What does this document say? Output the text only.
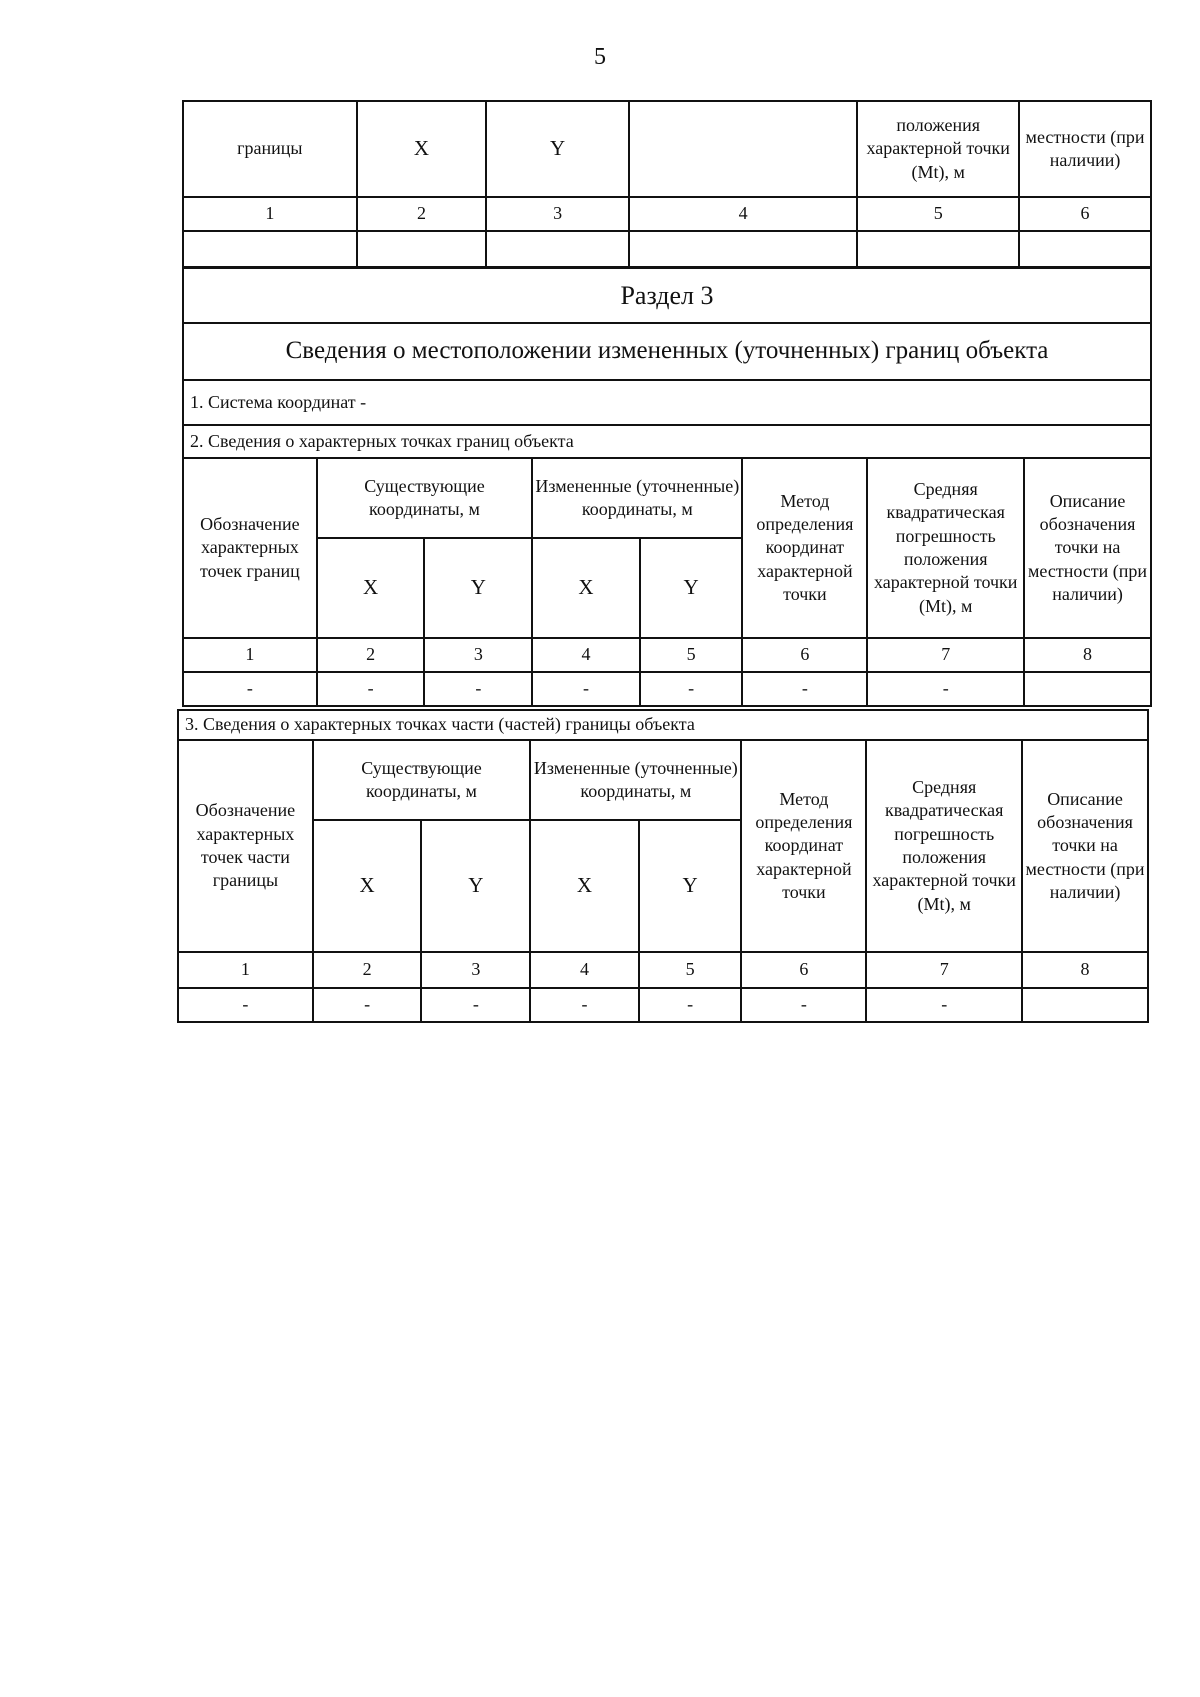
5
границы	X	Y		положения характерной точки (Mt), м	местности (при наличии)
1	2	3	4	5	6

Раздел 3							
Сведения о местоположении измененных (уточненных) границ объекта							
1. Система координат -							
2. Сведения о характерных точках границ объекта							
Обозначение характерных точек границ	Существующие координаты, м		Измененные (уточненные) координаты, м		Метод определения координат характерной точки	Средняя квадратическая погрешность положения характерной точки (Mt), м	Описание обозначения точки на местности (при наличии)
	X	Y	X	Y			
1	2	3	4	5	6	7	8
-	-	-	-	-	-	-	
3. Сведения о характерных точках части (частей) границы объекта							
Обозначение характерных точек части границы	Существующие координаты, м		Измененные (уточненные) координаты, м		Метод определения координат характерной точки	Средняя квадратическая погрешность положения характерной точки (Mt), м	Описание обозначения точки на местности (при наличии)
	X	Y	X	Y			
1	2	3	4	5	6	7	8
-	-	-	-	-	-	-	
